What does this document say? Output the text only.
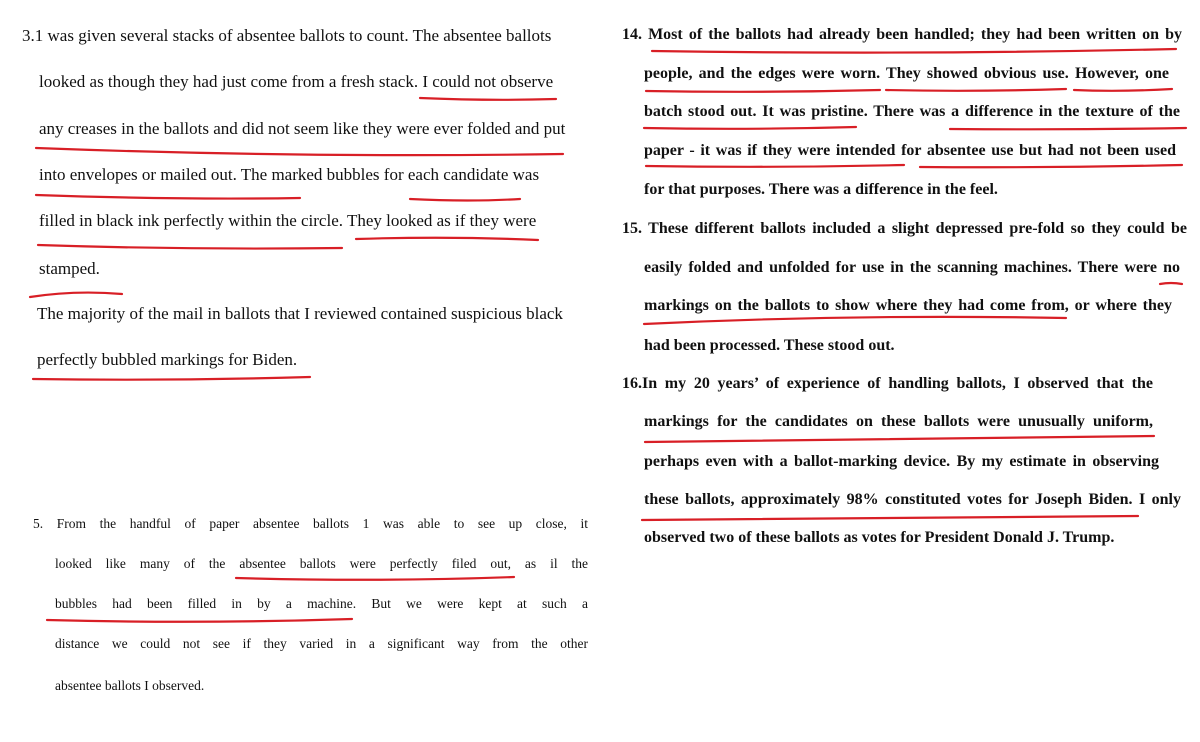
3.1 was given several stacks of absentee ballots to count. The absentee ballots
looked as though they had just come from a fresh stack. I could not observe
any creases in the ballots and did not seem like they were ever folded and put
into envelopes or mailed out. The marked bubbles for each candidate was
filled in black ink perfectly within the circle. They looked as if they were
stamped.
The majority of the mail in ballots that I reviewed contained suspicious black
perfectly bubbled markings for Biden.
5. From the handful of paper absentee ballots 1 was able to see up close, it
looked like many of the absentee ballots were perfectly filed out, as il the
bubbles had been filled in by a machine. But we were kept at such a
distance we could not see if they varied in a significant way from the other
absentee ballots I observed.
14. Most of the ballots had already been handled; they had been written on by
people, and the edges were worn. They showed obvious use. However, one
batch stood out. It was pristine. There was a difference in the texture of the
paper - it was if they were intended for absentee use but had not been used
for that purposes. There was a difference in the feel.
15. These different ballots included a slight depressed pre-fold so they could be
easily folded and unfolded for use in the scanning machines. There were no
markings on the ballots to show where they had come from, or where they
had been processed. These stood out.
16.In my 20 years’ of experience of handling ballots, I observed that the
markings for the candidates on these ballots were unusually uniform,
perhaps even with a ballot-marking device. By my estimate in observing
these ballots, approximately 98% constituted votes for Joseph Biden. I only
observed two of these ballots as votes for President Donald J. Trump.
